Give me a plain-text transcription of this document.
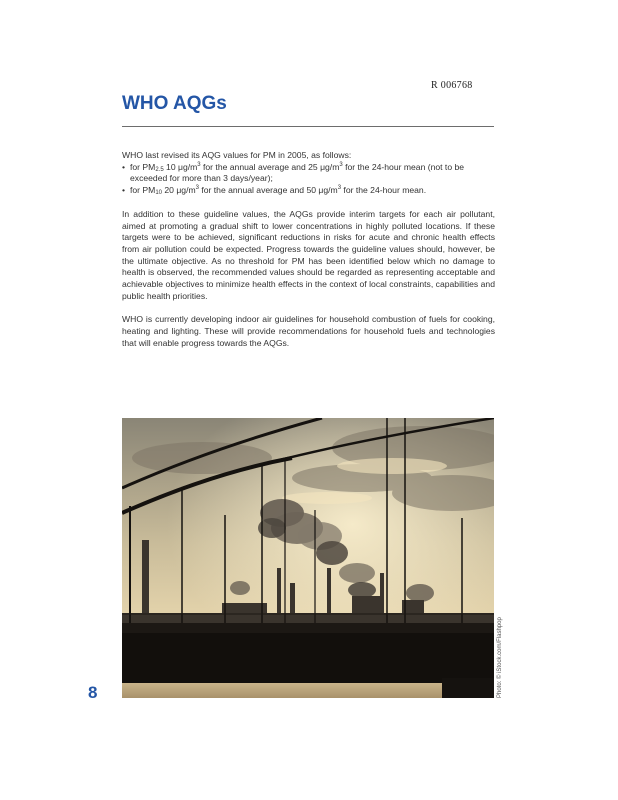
R 006768
WHO AQGs

WHO last revised its AQG values for PM in 2005, as follows:

• for $PM_{2.5}$ 10 $\mu g/m^3$ for the annual average and 25 $\mu g/m^3$ for the 24-hour mean (not to be exceeded for more than 3 days/year);
• for $PM_{10}$ 20 $\mu g/m^3$ for the annual average and 50 $\mu g/m^3$ for the 24-hour mean.

In addition to these guideline values, the AQGs provide interim targets for each air pollutant, aimed at promoting a gradual shift to lower concentrations in highly polluted locations. If these targets were to be achieved, significant reductions in risks for acute and chronic health effects from air pollution could be expected. Progress towards the guideline values should, however, be the ultimate objective. As no threshold for PM has been identified below which no damage to health is observed, the recommended values should be regarded as representing acceptable and achievable objectives to minimize health effects in the context of local constraints, capabilities and public health priorities.

WHO is currently developing indoor air guidelines for household combustion of fuels for cooking, heating and lighting. These will provide recommendations for household fuels and technologies that will enable progress towards the AQGs.

Photo: © iStock.com/Flashpop
8
